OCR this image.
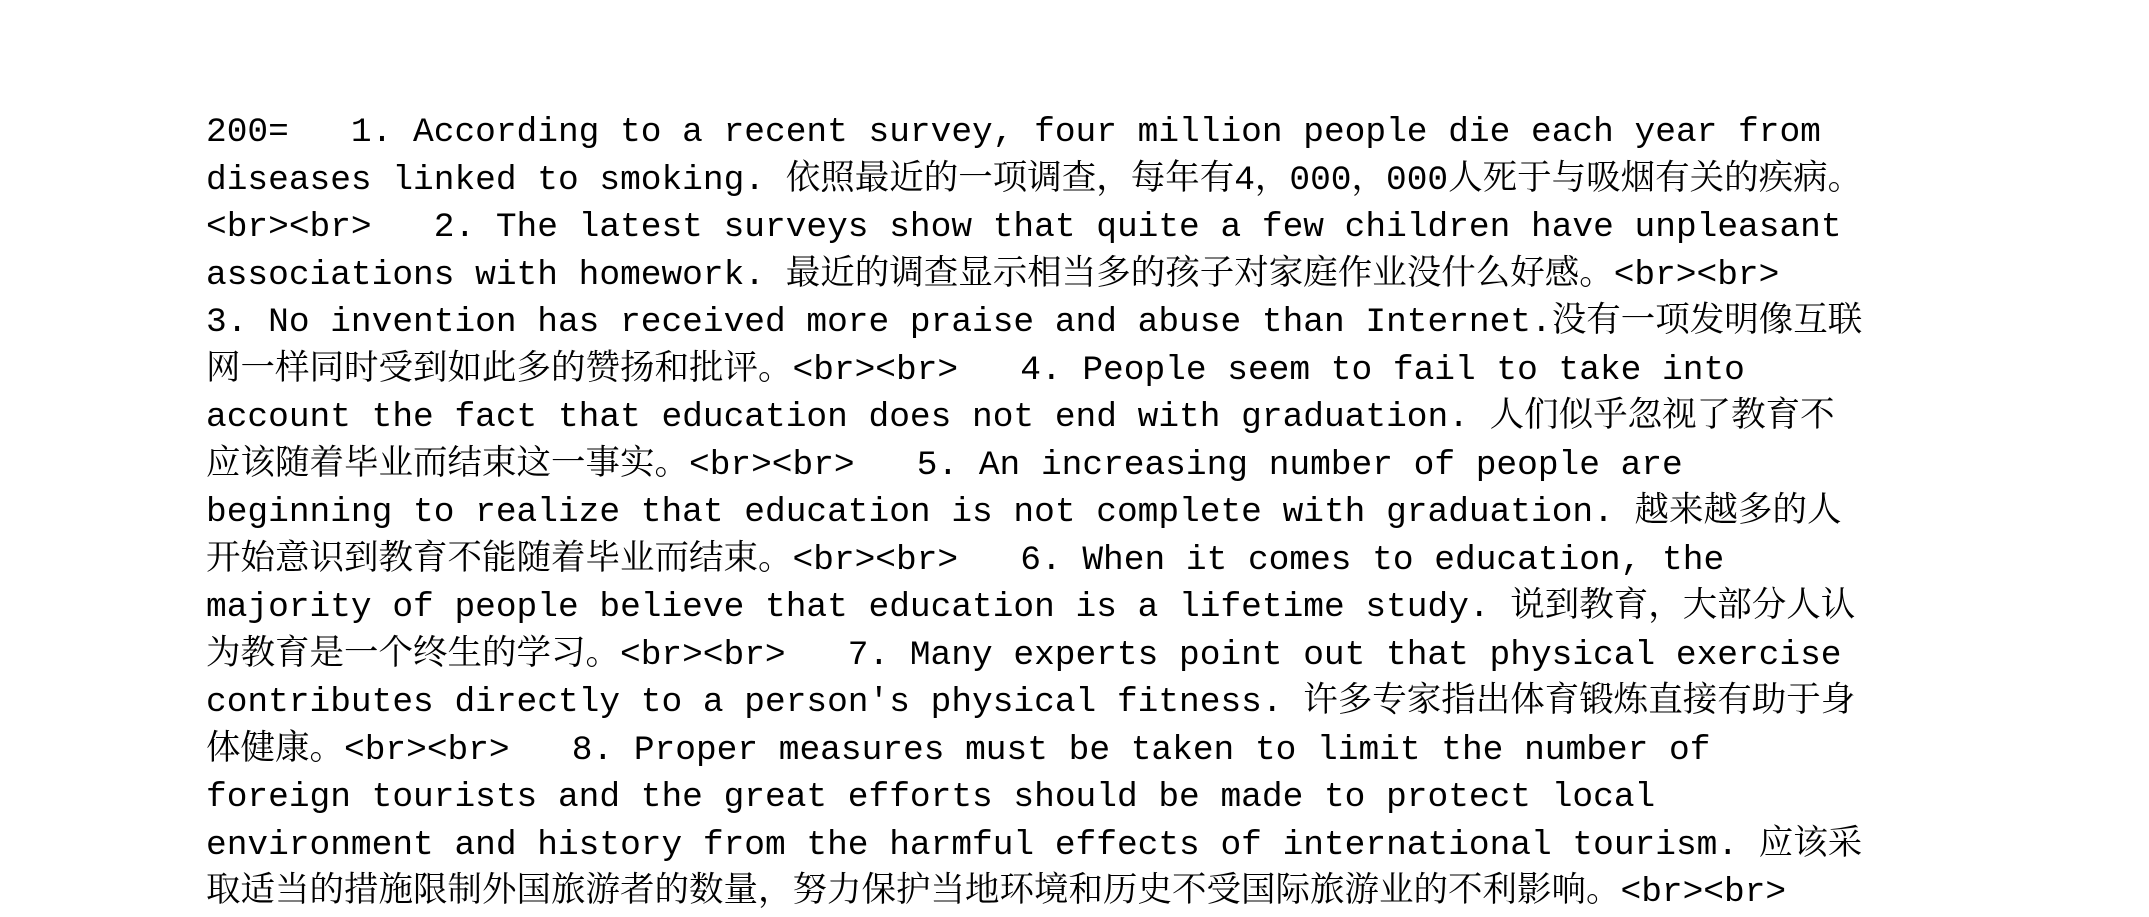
200=   1. According to a recent survey, four million people die each year from
diseases linked to smoking. 依照最近的一项调查，每年有4，000，000人死于与吸烟有关的疾病。
<br><br>   2. The latest surveys show that quite a few children have unpleasant
associations with homework. 最近的调查显示相当多的孩子对家庭作业没什么好感。<br><br>
3. No invention has received more praise and abuse than Internet.没有一项发明像互联
网一样同时受到如此多的赞扬和批评。<br><br>   4. People seem to fail to take into
account the fact that education does not end with graduation. 人们似乎忽视了教育不
应该随着毕业而结束这一事实。<br><br>   5. An increasing number of people are
beginning to realize that education is not complete with graduation. 越来越多的人
开始意识到教育不能随着毕业而结束。<br><br>   6. When it comes to education, the
majority of people believe that education is a lifetime study. 说到教育，大部分人认
为教育是一个终生的学习。<br><br>   7. Many experts point out that physical exercise
contributes directly to a person's physical fitness. 许多专家指出体育锻炼直接有助于身
体健康。<br><br>   8. Proper measures must be taken to limit the number of
foreign tourists and the great efforts should be made to protect local
environment and history from the harmful effects of international tourism. 应该采
取适当的措施限制外国旅游者的数量，努力保护当地环境和历史不受国际旅游业的不利影响。<br><br>
